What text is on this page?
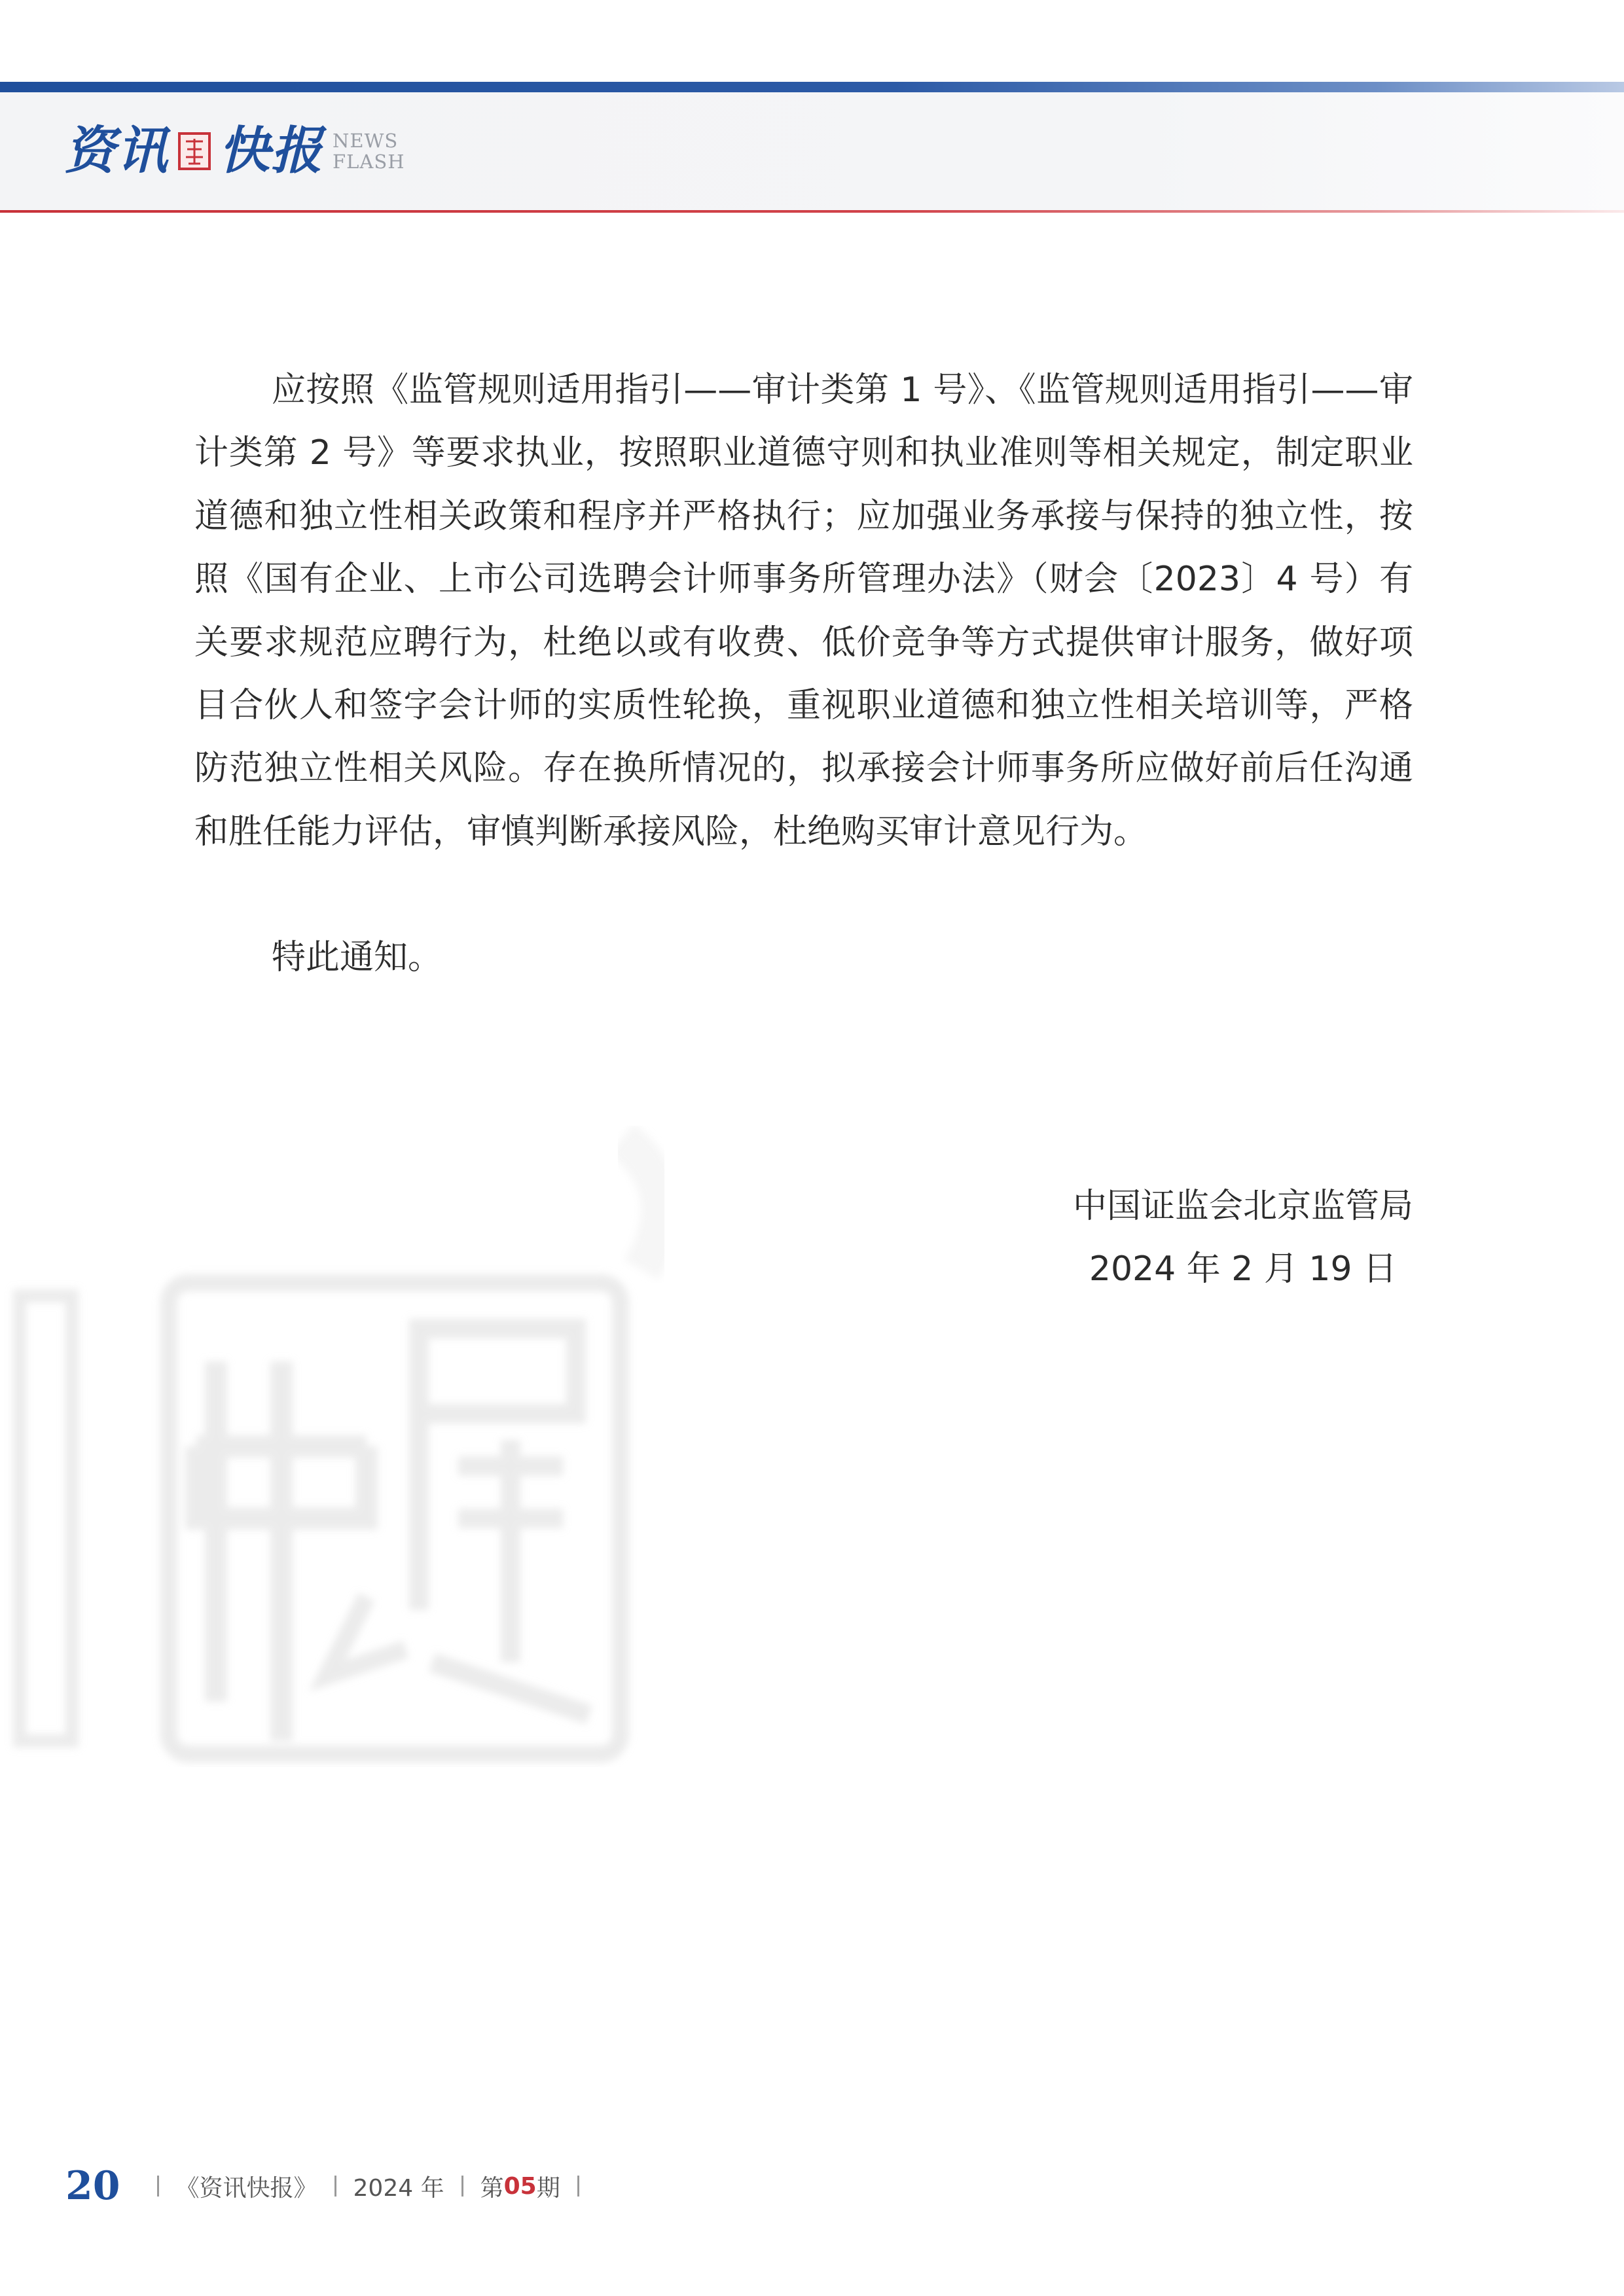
资讯 快报 NEWS
FLASH

应按照《监管规则适用指引——审计类第 1 号》、《监管规则适用指引——审计类第 2 号》等要求执业，按照职业道德守则和执业准则等相关规定，制定职业道德和独立性相关政策和程序并严格执行；应加强业务承接与保持的独立性，按照《国有企业、上市公司选聘会计师事务所管理办法》（财会〔2023〕4 号）有关要求规范应聘行为，杜绝以或有收费、低价竞争等方式提供审计服务，做好项目合伙人和签字会计师的实质性轮换，重视职业道德和独立性相关培训等，严格防范独立性相关风险。存在换所情况的，拟承接会计师事务所应做好前后任沟通和胜任能力评估，审慎判断承接风险，杜绝购买审计意见行为。

特此通知。

中国证监会北京监管局
2024 年 2 月 19 日
20 《资讯快报》 2024 年 第 05 期
